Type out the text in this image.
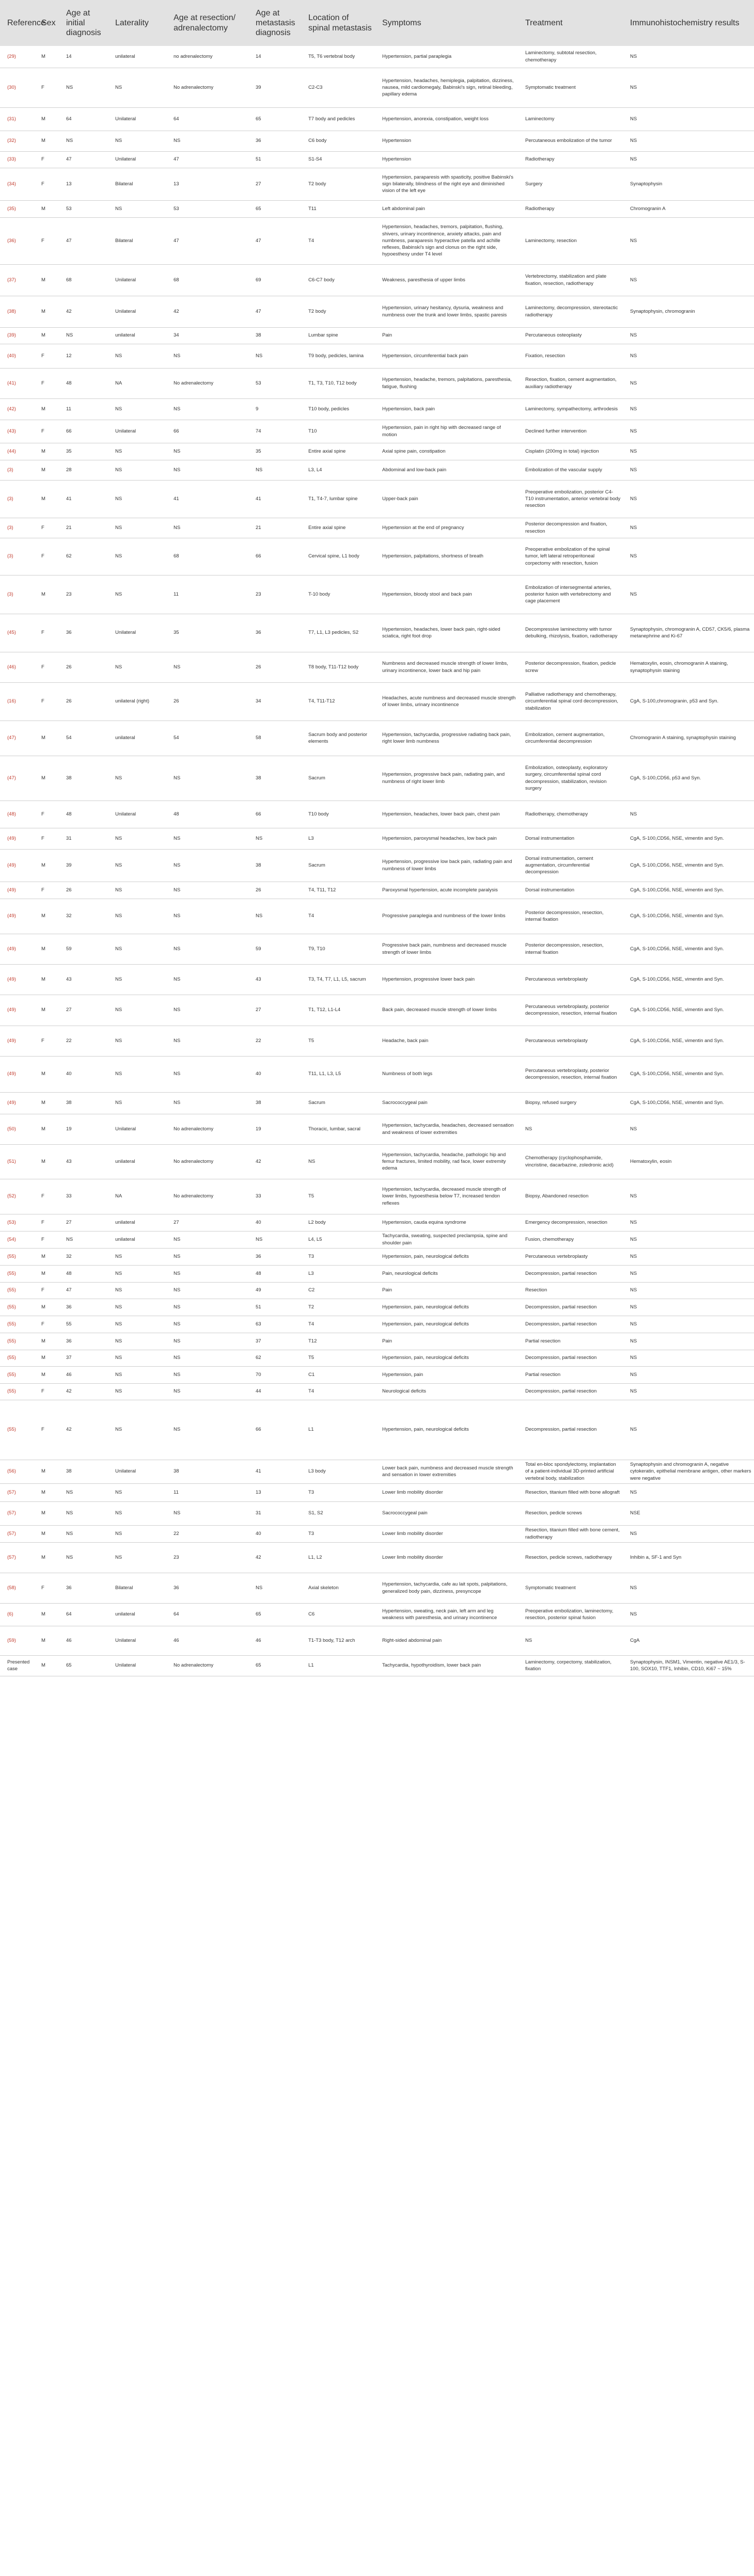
Reference	Sex	Age at initial diagnosis	Laterality	Age at resection/ adrenalectomy	Age at metastasis diagnosis	Location of spinal metastasis	Symptoms	Treatment	Immunohistochemistry results
(29)	M	14	unilateral	no adrenalectomy	14	T5, T6 vertebral body	Hypertension, partial paraplegia	Laminectomy, subtotal resection, chemotherapy	NS
(30)	F	NS	NS	No adrenalectomy	39	C2-C3	Hypertension, headaches, hemiplegia, palpitation, dizziness, nausea, mild cardiomegaly, Babinski's sign, retinal bleeding, papillary edema	Symptomatic treatment	NS
(31)	M	64	Unilateral	64	65	T7 body and pedicles	Hypertension, anorexia, constipation, weight loss	Laminectomy	NS
(32)	M	NS	NS	NS	36	C6 body	Hypertension	Percutaneous embolization of the tumor	NS
(33)	F	47	Unilateral	47	51	S1-S4	Hypertension	Radiotherapy	NS
(34)	F	13	Bilateral	13	27	T2 body	Hypertension, paraparesis with spasticity, positive Babinski's sign bilaterally, blindness of the right eye and diminished vision of the left eye	Surgery	Synaptophysin
(35)	M	53	NS	53	65	T11	Left abdominal pain	Radiotherapy	Chromogranin A
(36)	F	47	Bilateral	47	47	T4	Hypertension, headaches, tremors, palpitation, flushing, shivers, urinary incontinence, anxiety attacks, pain and numbness, paraparesis hyperactive patella and achille reflexes, Babinski's sign and clonus on the right side, hypoesthesy under T4 level	Laminectomy, resection	NS
(37)	M	68	Unilateral	68	69	C6-C7 body	Weakness, paresthesia of upper limbs	Vertebrectomy, stabilization and plate fixation, resection, radiotherapy	NS
(38)	M	42	Unilateral	42	47	T2 body	Hypertension, urinary hesitancy, dysuria, weakness and numbness over the trunk and lower limbs, spastic paresis	Laminectomy, decompression, stereotactic radiotherapy	Synaptophysin, chromogranin
(39)	M	NS	unilateral	34	38	Lumbar spine	Pain	Percutaneous osteoplasty	NS
(40)	F	12	NS	NS	NS	T9 body, pedicles, lamina	Hypertension, circumferential back pain	Fixation, resection	NS
(41)	F	48	NA	No adrenalectomy	53	T1, T3, T10, T12 body	Hypertension, headache, tremors, palpitations, paresthesia, fatigue, flushing	Resection, fixation, cement augmentation, auxiliary radiotherapy	NS
(42)	M	11	NS	NS	9	T10 body, pedicles	Hypertension, back pain	Laminectomy, sympathectomy, arthrodesis	NS
(43)	F	66	Unilateral	66	74	T10	Hypertension, pain in right hip with decreased range of motion	Declined further intervention	NS
(44)	M	35	NS	NS	35	Entire axial spine	Axial spine pain, constipation	Cisplatin (200mg in total) injection	NS
(3)	M	28	NS	NS	NS	L3, L4	Abdominal and low-back pain	Embolization of the vascular supply	NS
(3)	M	41	NS	41	41	T1, T4-7, lumbar spine	Upper-back pain	Preoperative embolization, posterior C4-T10 instrumentation, anterior vertebral body resection	NS
(3)	F	21	NS	NS	21	Entire axial spine	Hypertension at the end of pregnancy	Posterior decompression and fixation, resection	NS
(3)	F	62	NS	68	66	Cervical spine, L1 body	Hypertension, palpitations, shortness of breath	Preoperative embolization of the spinal tumor, left lateral retroperitoneal corpectomy with resection, fusion	NS
(3)	M	23	NS	11	23	T-10 body	Hypertension, bloody stool and back pain	Embolization of intersegmental arteries, posterior fusion with vertebrectomy and cage placement	NS
(45)	F	36	Unilateral	35	36	T7, L1, L3 pedicles, S2	Hypertension, headaches, lower back pain, right-sided sciatica, right foot drop	Decompressive laminectomy with tumor debulking, rhizolysis, fixation, radiotherapy	Synaptophysin, chromogranin A, CD57, CK5/6, plasma metanephrine and Ki-67
(46)	F	26	NS	NS	26	T8 body, T11-T12 body	Numbness and decreased muscle strength of lower limbs, urinary incontinence, lower back and hip pain	Posterior decompression, fixation, pedicle screw	Hematoxylin, eosin, chromogranin A staining, synaptophysin staining
(16)	F	26	unilateral (right)	26	34	T4, T11-T12	Headaches, acute numbness and decreased muscle strength of lower limbs, urinary incontinence	Palliative radiotherapy and chemotherapy, circumferential spinal cord decompression, stabilization	CgA, S-100,chromogranin, p53 and Syn.
(47)	M	54	unilateral	54	58	Sacrum body and posterior elements	Hypertension, tachycardia, progressive radiating back pain, right lower limb numbness	Embolization, cement augmentation, circumferential decompression	Chromogranin A staining, synaptophysin staining
(47)	M	38	NS	NS	38	Sacrum	Hypertension, progressive back pain, radiating pain, and numbness of right lower limb	Embolization, osteoplasty, exploratory surgery, circumferential spinal cord decompression, stabilization, revision surgery	CgA, S-100,CD56, p53 and Syn.
(48)	F	48	Unilateral	48	66	T10 body	Hypertension, headaches, lower back pain, chest pain	Radiotherapy, chemotherapy	NS
(49)	F	31	NS	NS	NS	L3	Hypertension, paroxysmal headaches, low back pain	Dorsal instrumentation	CgA, S-100,CD56, NSE, vimentin and Syn.
(49)	M	39	NS	NS	38	Sacrum	Hypertension, progressive low back pain, radiating pain and numbness of lower limbs	Dorsal instrumentation, cement augmentation, circumferential decompression	CgA, S-100,CD56, NSE, vimentin and Syn.
(49)	F	26	NS	NS	26	T4, T11, T12	Paroxysmal hypertension, acute incomplete paralysis	Dorsal instrumentation	CgA, S-100,CD56, NSE, vimentin and Syn.
(49)	M	32	NS	NS	NS	T4	Progressive paraplegia and numbness of the lower limbs	Posterior decompression, resection, internal fixation	CgA, S-100,CD56, NSE, vimentin and Syn.
(49)	M	59	NS	NS	59	T9, T10	Progressive back pain, numbness and decreased muscle strength of lower limbs	Posterior decompression, resection, internal fixation	CgA, S-100,CD56, NSE, vimentin and Syn.
(49)	M	43	NS	NS	43	T3, T4, T7, L1, L5, sacrum	Hypertension, progressive lower back pain	Percutaneous vertebroplasty	CgA, S-100,CD56, NSE, vimentin and Syn.
(49)	M	27	NS	NS	27	T1, T12, L1-L4	Back pain, decreased muscle strength of lower limbs	Percutaneous vertebroplasty, posterior decompression, resection, internal fixation	CgA, S-100,CD56, NSE, vimentin and Syn.
(49)	F	22	NS	NS	22	T5	Headache, back pain	Percutaneous vertebroplasty	CgA, S-100,CD56, NSE, vimentin and Syn.
(49)	M	40	NS	NS	40	T11, L1, L3, L5	Numbness of both legs	Percutaneous vertebroplasty, posterior decompression, resection, internal fixation	CgA, S-100,CD56, NSE, vimentin and Syn.
(49)	M	38	NS	NS	38	Sacrum	Sacrococcygeal pain	Biopsy, refused surgery	CgA, S-100,CD56, NSE, vimentin and Syn.
(50)	M	19	Unilateral	No adrenalectomy	19	Thoracic, lumbar, sacral	Hypertension, tachycardia, headaches, decreased sensation and weakness of lower extremities	NS	NS
(51)	M	43	unilateral	No adrenalectomy	42	NS	Hypertension, tachycardia, headache, pathologic hip and femur fractures, limited mobility, rad face, lower extremity edema	Chemotherapy (cyclophosphamide, vincristine, dacarbazine, zoledronic acid)	Hematoxylin, eosin
(52)	F	33	NA	No adrenalectomy	33	T5	Hypertension, tachycardia, decreased muscle strength of lower limbs, hypoesthesia below T7, increased tendon reflexes	Biopsy, Abandoned resection	NS
(53)	F	27	unilateral	27	40	L2 body	Hypertension, cauda equina syndrome	Emergency decompression, resection	NS
(54)	F	NS	unilateral	NS	NS	L4, L5	Tachycardia, sweating, suspected preclampsia, spine and shoulder pain	Fusion, chemotherapy	NS
(55)	M	32	NS	NS	36	T3	Hypertension, pain, neurological deficits	Percutaneous vertebroplasty	NS
(55)	M	48	NS	NS	48	L3	Pain, neurological deficits	Decompression, partial resection	NS
(55)	F	47	NS	NS	49	C2	Pain	Resection	NS
(55)	M	36	NS	NS	51	T2	Hypertension, pain, neurological deficits	Decompression, partial resection	NS
(55)	F	55	NS	NS	63	T4	Hypertension, pain, neurological deficits	Decompression, partial resection	NS
(55)	M	36	NS	NS	37	T12	Pain	Partial resection	NS
(55)	M	37	NS	NS	62	T5	Hypertension, pain, neurological deficits	Decompression, partial resection	NS
(55)	M	46	NS	NS	70	C1	Hypertension, pain	Partial resection	NS
(55)	F	42	NS	NS	44	T4	Neurological deficits	Decompression, partial resection	NS
(55)	F	42	NS	NS	66	L1	Hypertension, pain, neurological deficits	Decompression, partial resection	NS
(56)	M	38	Unilateral	38	41	L3 body	Lower back pain, numbness and decreased muscle strength and sensation in lower extremities	Total en-bloc spondylectomy, implantation of a patient-individual 3D-printed artificial vertebral body, stabilization	Synaptophysin and chromogranin A, negative cytokeratin, epithelial membrane antigen, other markers were negative
(57)	M	NS	NS	11	13	T3	Lower limb mobility disorder	Resection, titanium filled with bone allograft	NS
(57)	M	NS	NS	NS	31	S1, S2	Sacrococcygeal pain	Resection, pedicle screws	NSE
(57)	M	NS	NS	22	40	T3	Lower limb mobility disorder	Resection, titanium filled with bone cement, radiotherapy	NS
(57)	M	NS	NS	23	42	L1, L2	Lower limb mobility disorder	Resection, pedicle screws, radiotherapy	Inhibin a, SF-1 and Syn
(58)	F	36	Bilateral	36	NS	Axial skeleton	Hypertension, tachycardia, cafe au lait spots, palpitations, generalized body pain, dizziness, presyncope	Symptomatic treatment	NS
(6)	M	64	unilateral	64	65	C6	Hypertension, sweating, neck pain, left arm and leg weakness with paresthesia, and urinary incontinence	Preoperative embolization, laminectomy, resection, posterior spinal fusion	NS
(59)	M	46	Unilateral	46	46	T1-T3 body, T12 arch	Right-sided abdominal pain	NS	CgA
Presented case	M	65	Unilateral	No adrenalectomy	65	L1	Tachycardia, hypothyroidism, lower back pain	Laminectomy, corpectomy, stabilization, fixation	Synaptophysin, INSM1, Vimentin, negative AE1/3, S-100, SOX10, TTF1, Inhibin, CD10, Ki67 ~ 15%
